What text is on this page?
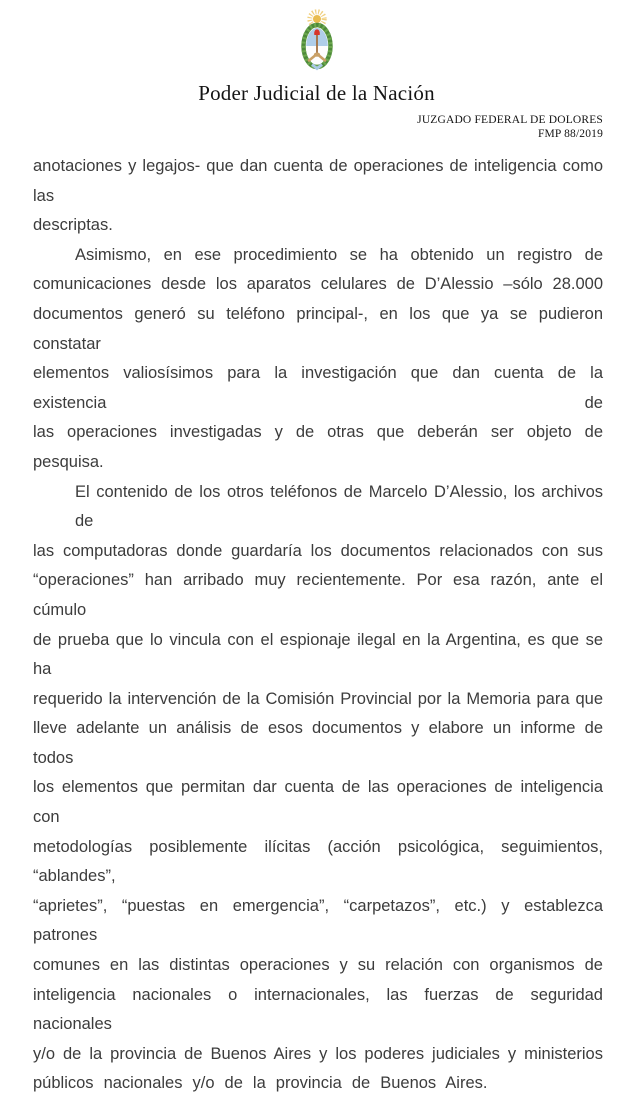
Poder Judicial de la Nación
JUZGADO FEDERAL DE DOLORES
FMP 88/2019
anotaciones y legajos- que dan cuenta de operaciones de inteligencia como las
descriptas.
Asimismo, en ese procedimiento se ha obtenido un registro de
comunicaciones desde los aparatos celulares de D’Alessio –sólo 28.000
documentos generó su teléfono principal-, en los que ya se pudieron constatar
elementos valiosísimos para la investigación que dan cuenta de la existencia de
las operaciones investigadas y de otras que deberán ser objeto de pesquisa.
El contenido de los otros teléfonos de Marcelo D’Alessio, los archivos de
las computadoras donde guardaría los documentos relacionados con sus
“operaciones” han arribado muy recientemente. Por esa razón, ante el cúmulo
de prueba que lo vincula con el espionaje ilegal en la Argentina, es que se ha
requerido la intervención de la Comisión Provincial por la Memoria para que
lleve adelante un análisis de esos documentos y elabore un informe de todos
los elementos que permitan dar cuenta de las operaciones de inteligencia con
metodologías posiblemente ilícitas (acción psicológica, seguimientos, “ablandes”,
“aprietes”, “puestas en emergencia”, “carpetazos”, etc.) y establezca patrones
comunes en las distintas operaciones y su relación con organismos de
inteligencia nacionales o internacionales, las fuerzas de seguridad nacionales
y/o de la provincia de Buenos Aires y los poderes judiciales y ministerios
públicos nacionales y/o de la provincia de Buenos Aires.
